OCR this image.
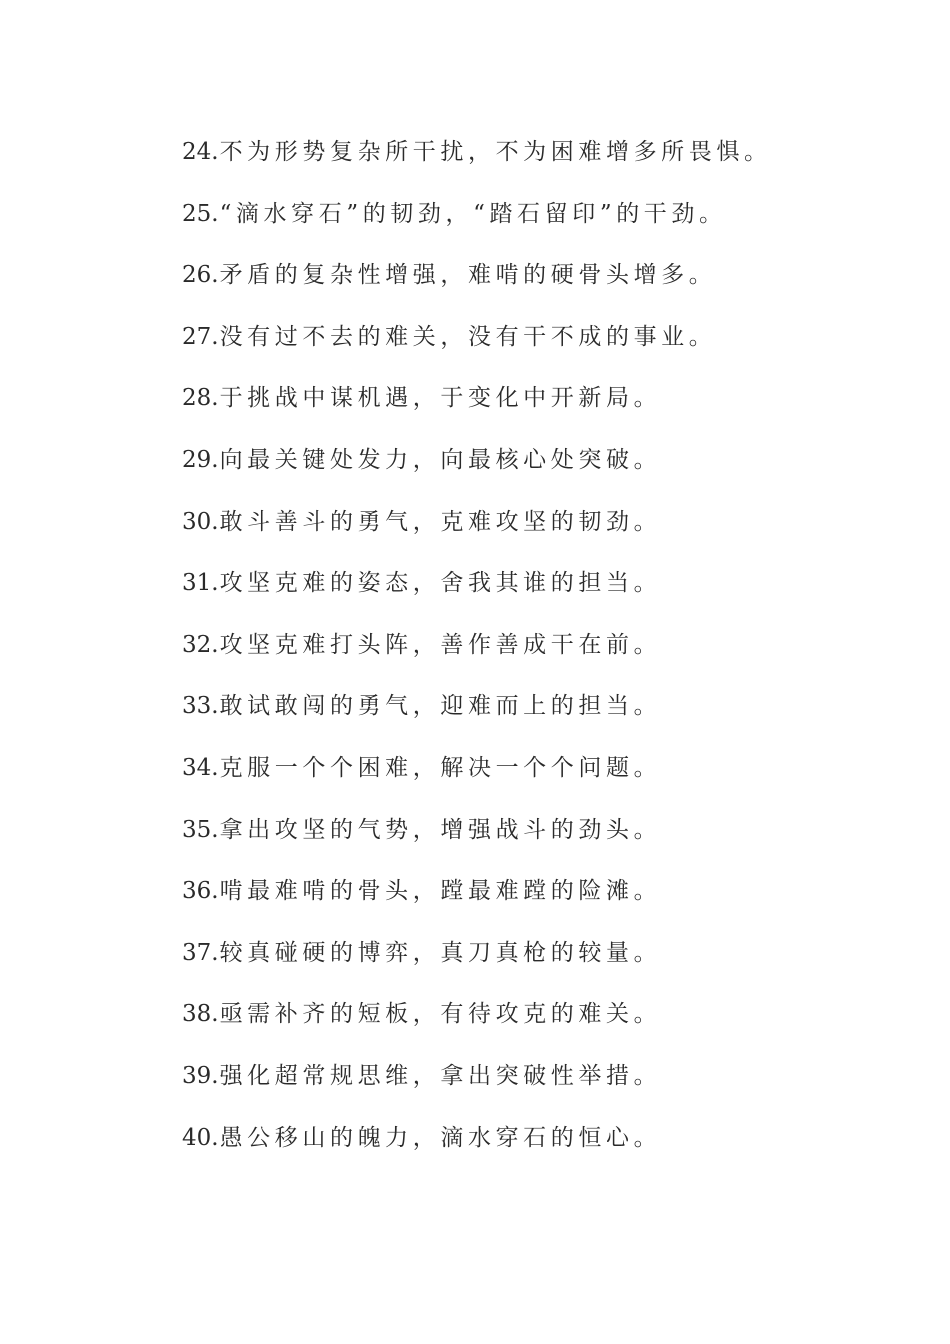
24.不为形势复杂所干扰，不为困难增多所畏惧。
25.“滴水穿石”的韧劲，“踏石留印”的干劲。
26.矛盾的复杂性增强，难啃的硬骨头增多。
27.没有过不去的难关，没有干不成的事业。
28.于挑战中谋机遇，于变化中开新局。
29.向最关键处发力，向最核心处突破。
30.敢斗善斗的勇气，克难攻坚的韧劲。
31.攻坚克难的姿态，舍我其谁的担当。
32.攻坚克难打头阵，善作善成干在前。
33.敢试敢闯的勇气，迎难而上的担当。
34.克服一个个困难，解决一个个问题。
35.拿出攻坚的气势，增强战斗的劲头。
36.啃最难啃的骨头，蹚最难蹚的险滩。
37.较真碰硬的博弈，真刀真枪的较量。
38.亟需补齐的短板，有待攻克的难关。
39.强化超常规思维，拿出突破性举措。
40.愚公移山的魄力，滴水穿石的恒心。
